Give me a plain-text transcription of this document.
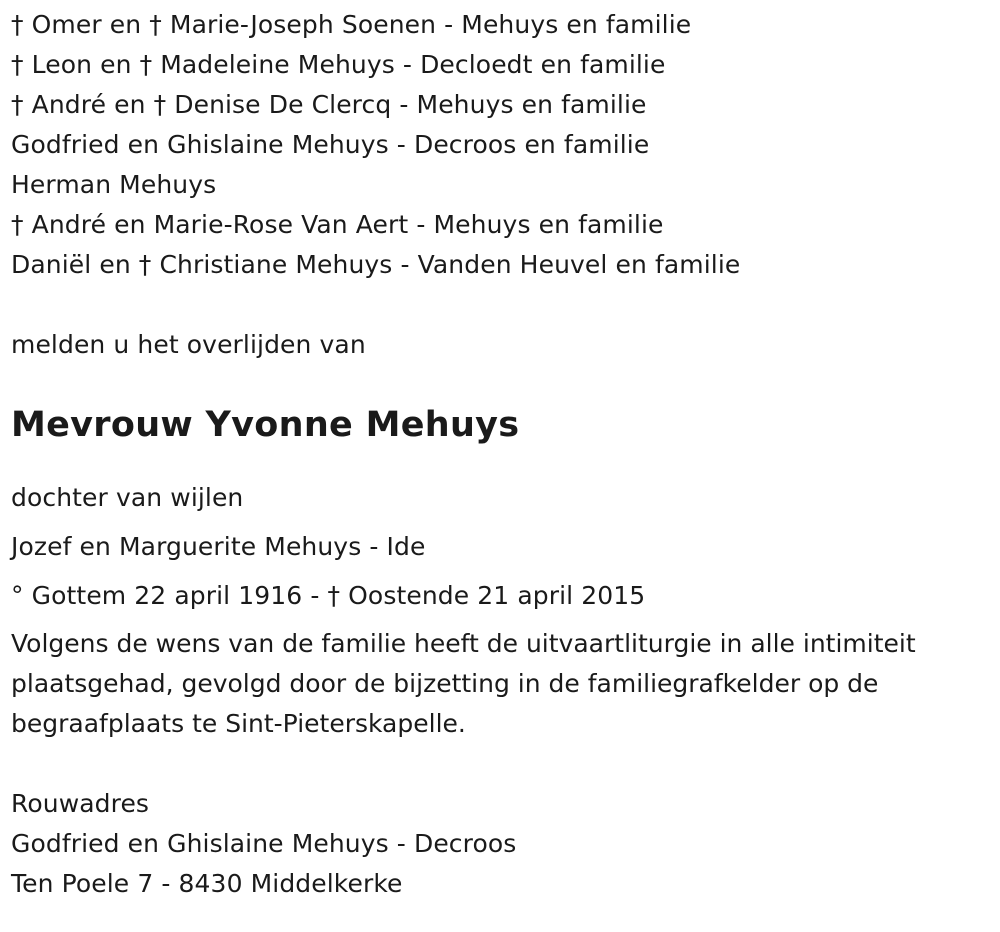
† Omer en † Marie-Joseph Soenen - Mehuys en familie
† Leon en † Madeleine Mehuys - Decloedt en familie
† André en † Denise De Clercq - Mehuys en familie
Godfried en Ghislaine Mehuys - Decroos en familie
Herman Mehuys
† André en Marie-Rose Van Aert - Mehuys en familie
Daniël en † Christiane Mehuys - Vanden Heuvel en familie
melden u het overlijden van
Mevrouw Yvonne Mehuys
dochter van wijlen
Jozef en Marguerite Mehuys - Ide
° Gottem 22 april 1916 - † Oostende 21 april 2015
Volgens de wens van de familie heeft de uitvaartliturgie in alle intimiteit plaatsgehad, gevolgd door de bijzetting in de familiegrafkelder op de begraafplaats te Sint-Pieterskapelle.
Rouwadres
Godfried en Ghislaine Mehuys - Decroos
Ten Poele 7 - 8430 Middelkerke
